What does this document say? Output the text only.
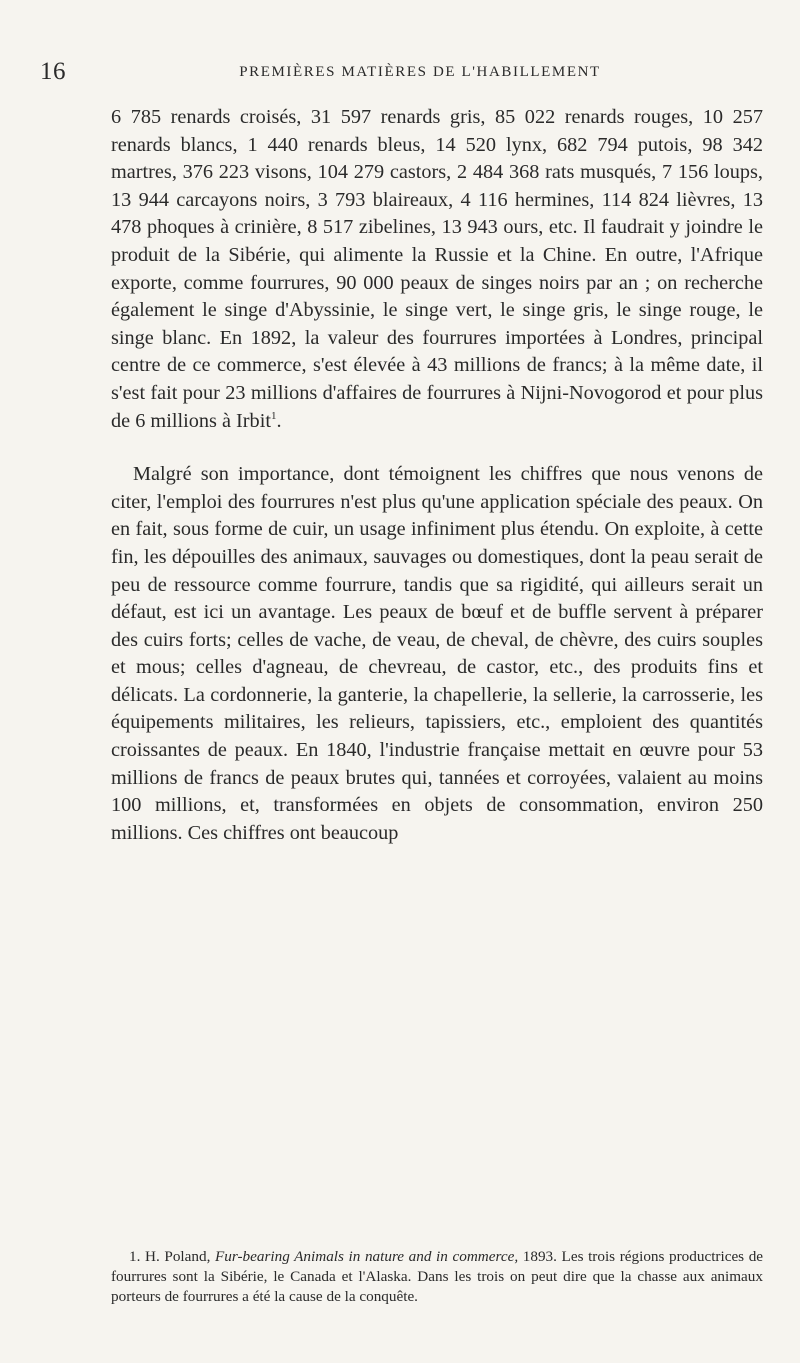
16	PREMIÈRES MATIÈRES DE L'HABILLEMENT

6 785 renards croisés, 31 597 renards gris, 85 022 renards rouges, 10 257 renards blancs, 1 440 renards bleus, 14 520 lynx, 682 794 putois, 98 342 martres, 376 223 visons, 104 279 castors, 2 484 368 rats musqués, 7 156 loups, 13 944 carcayons noirs, 3 793 blaireaux, 4 116 hermines, 114 824 lièvres, 13 478 phoques à crinière, 8 517 zibelines, 13 943 ours, etc. Il faudrait y joindre le produit de la Sibérie, qui alimente la Russie et la Chine. En outre, l'Afrique exporte, comme fourrures, 90 000 peaux de singes noirs par an ; on recherche également le singe d'Abyssinie, le singe vert, le singe gris, le singe rouge, le singe blanc. En 1892, la valeur des fourrures importées à Londres, principal centre de ce commerce, s'est élevée à 43 millions de francs; à la même date, il s'est fait pour 23 millions d'affaires de fourrures à Nijni-Novogorod et pour plus de 6 millions à Irbit$^1$.

Malgré son importance, dont témoignent les chiffres que nous venons de citer, l'emploi des fourrures n'est plus qu'une application spéciale des peaux. On en fait, sous forme de cuir, un usage infiniment plus étendu. On exploite, à cette fin, les dépouilles des animaux, sauvages ou domestiques, dont la peau serait de peu de ressource comme fourrure, tandis que sa rigidité, qui ailleurs serait un défaut, est ici un avantage. Les peaux de bœuf et de buffle servent à préparer des cuirs forts; celles de vache, de veau, de cheval, de chèvre, des cuirs souples et mous; celles d'agneau, de chevreau, de castor, etc., des produits fins et délicats. La cordonnerie, la ganterie, la chapellerie, la sellerie, la carrosserie, les équipements militaires, les relieurs, tapissiers, etc., emploient des quantités croissantes de peaux. En 1840, l'industrie française mettait en œuvre pour 53 millions de francs de peaux brutes qui, tannées et corroyées, valaient au moins 100 millions, et, transformées en objets de consommation, environ 250 millions. Ces chiffres ont beaucoup

1. H. Poland, Fur-bearing Animals in nature and in commerce, 1893. Les trois régions productrices de fourrures sont la Sibérie, le Canada et l'Alaska. Dans les trois on peut dire que la chasse aux animaux porteurs de fourrures a été la cause de la conquête.
